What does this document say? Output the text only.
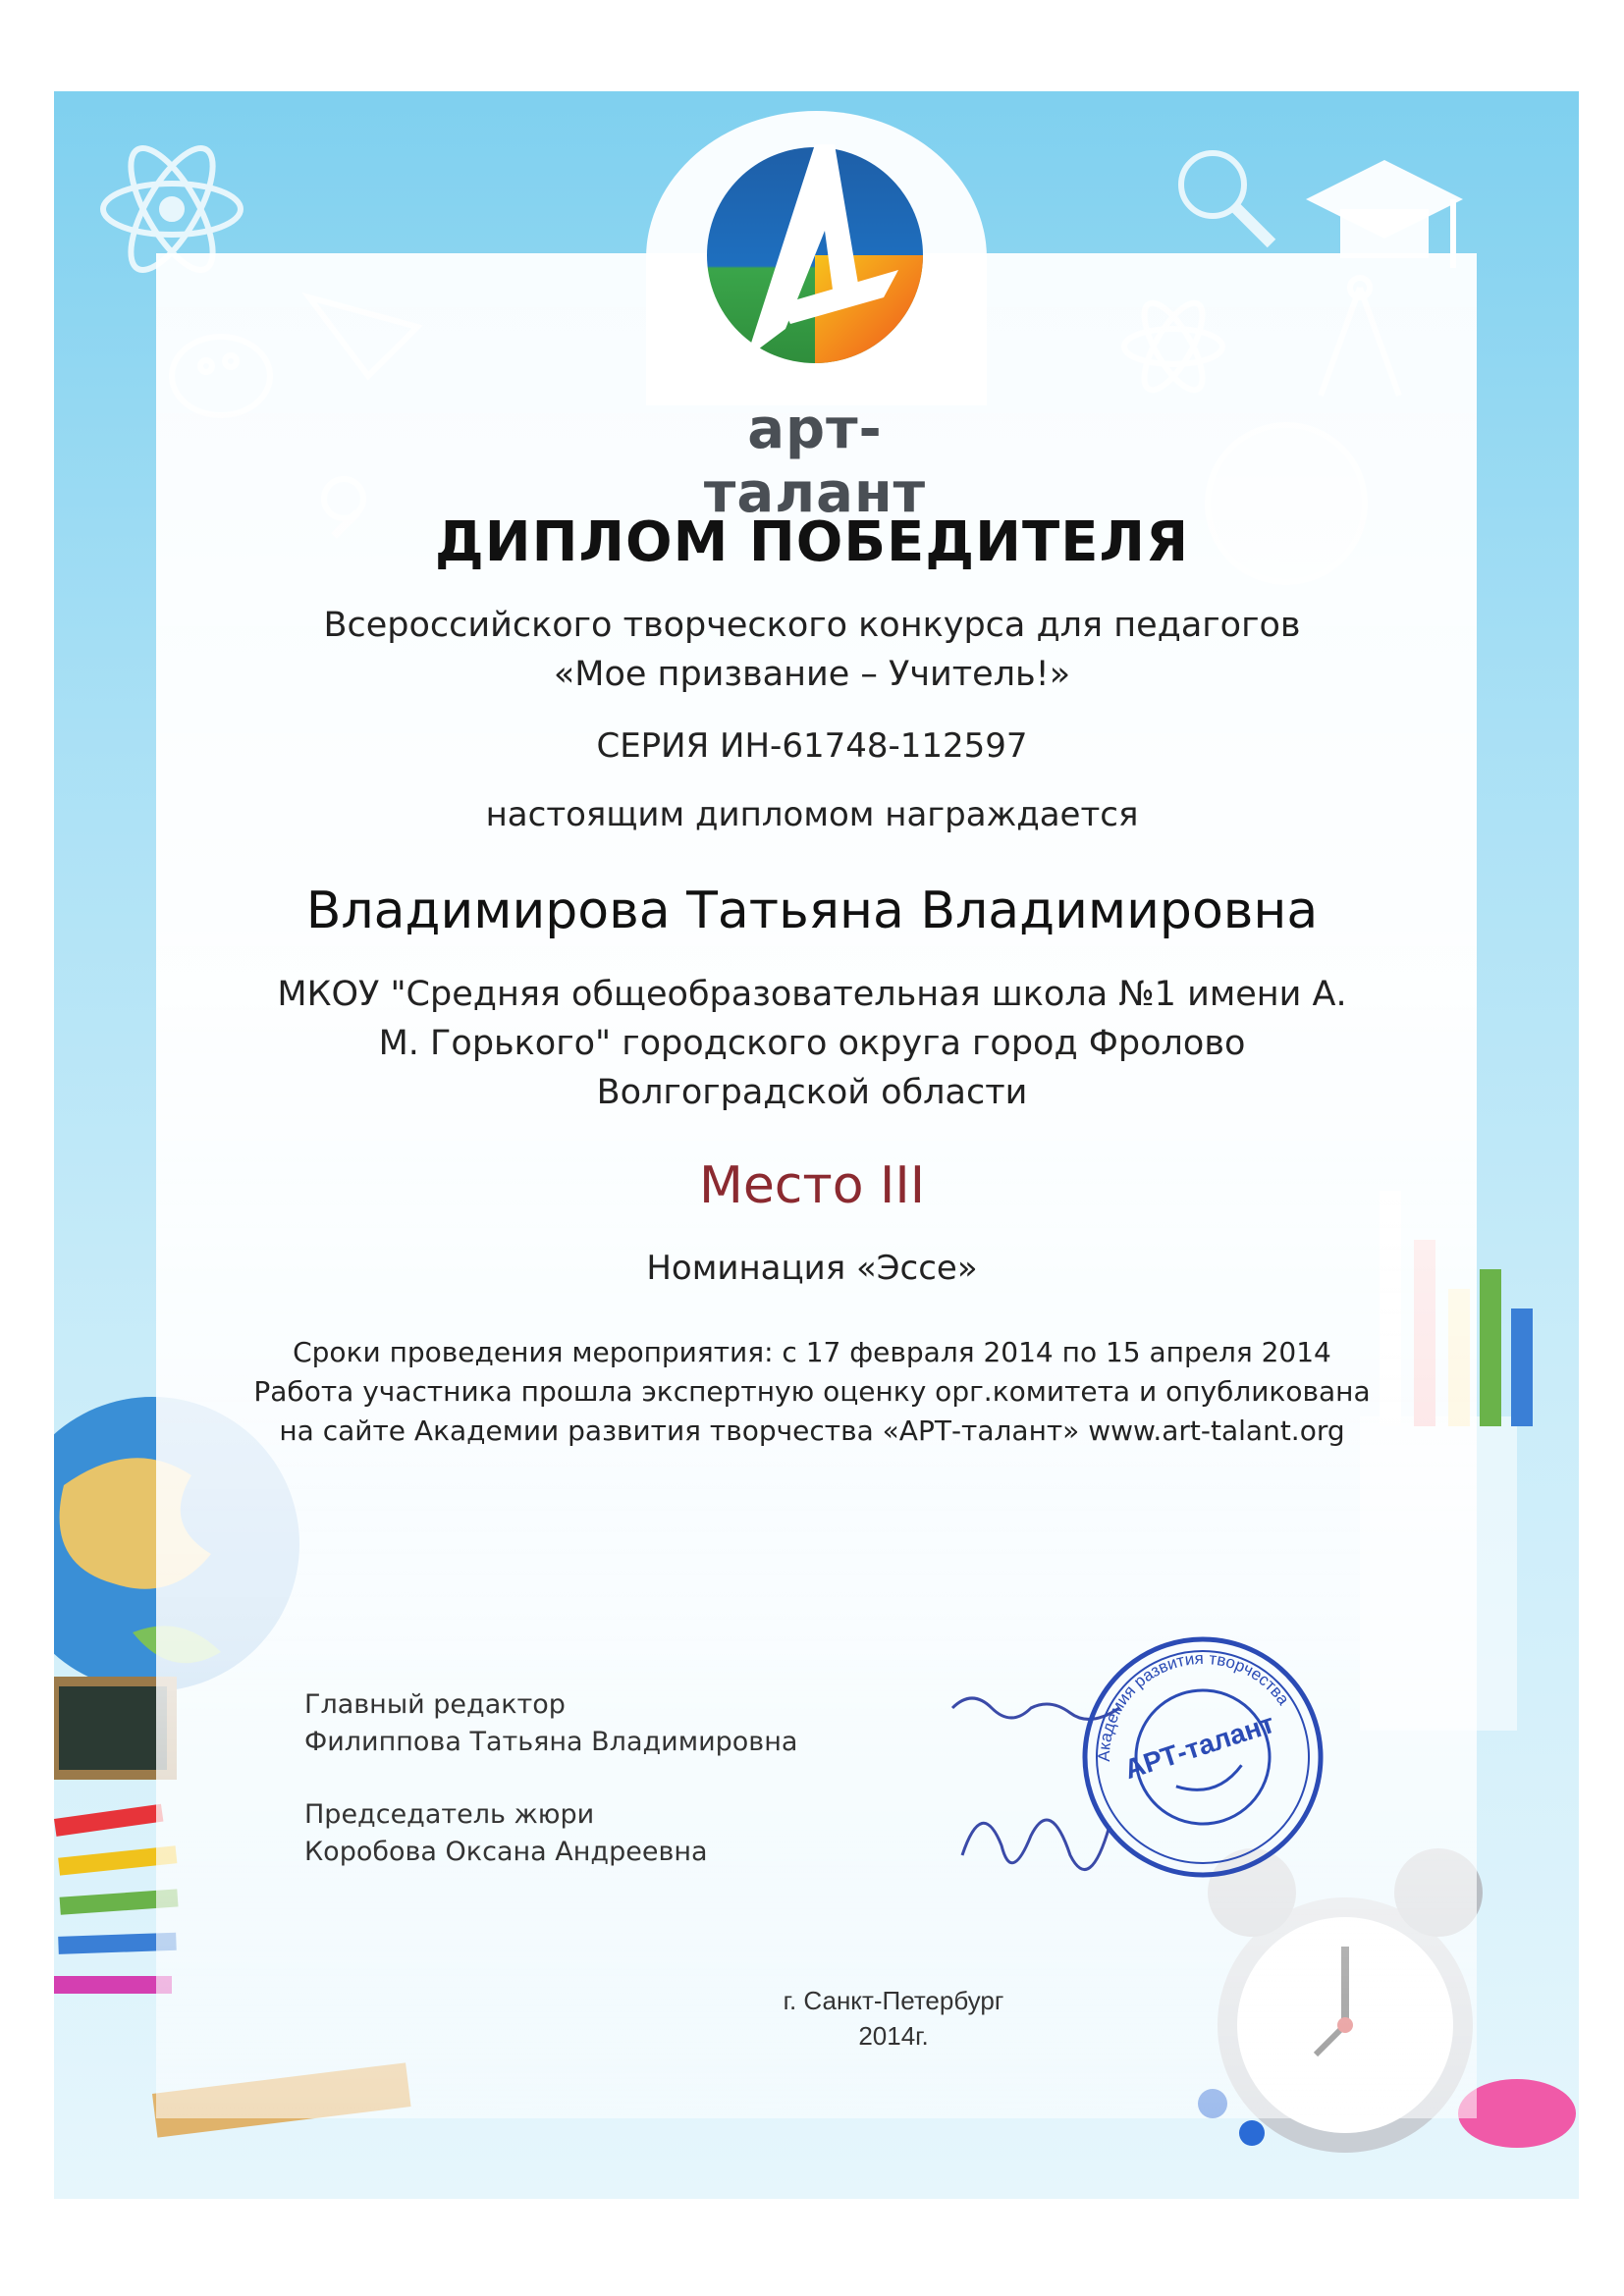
арт-талант
ДИПЛОМ ПОБЕДИТЕЛЯ
Всероссийского творческого конкурса для педагогов «Мое призвание – Учитель!»
СЕРИЯ ИН-61748-112597
настоящим дипломом награждается
Владимирова Татьяна Владимировна
МКОУ "Средняя общеобразовательная школа №1 имени А. М. Горького" городского округа город Фролово Волгоградской области
Место III
Номинация «Эссе»
Сроки проведения мероприятия: с 17 февраля 2014 по 15 апреля 2014
Работа участника прошла экспертную оценку орг.комитета и опубликована
на сайте Академии развития творчества «АРТ-талант» www.art-talant.org
Главный редактор
Филиппова Татьяна Владимировна
Председатель жюри
Коробова Оксана Андреевна
Академия развития творчества
АРТ-талант
г. Санкт-Петербург
2014г.
